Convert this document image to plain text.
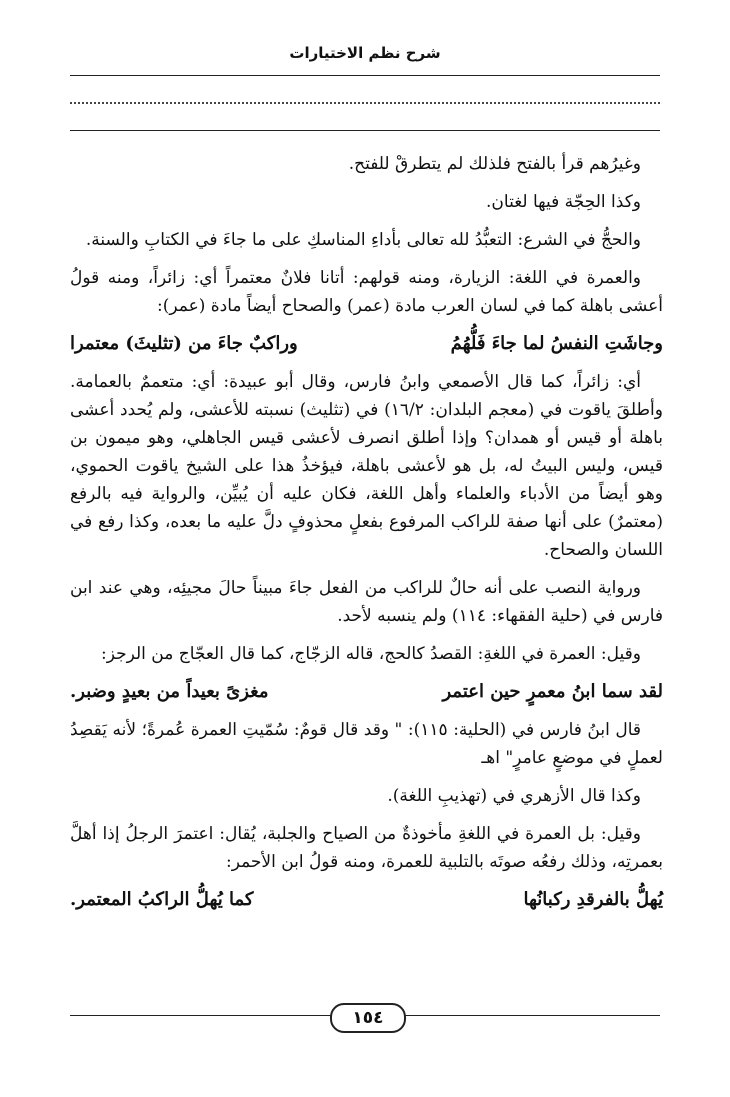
شرح نظم الاختيارات

وغيرُهم قرأ بالفتح فلذلك لم يتطرقْ للفتح.

وكذا الحِجّة فيها لغتان.

والحجُّ في الشرع: التعبُّدُ لله تعالى بأداءِ المناسكِ على ما جاءَ في الكتابِ والسنة.

والعمرة في اللغة: الزيارة، ومنه قولهم: أتانا فلانٌ معتمراً أي: زائراً، ومنه قولُ أعشى باهلة كما في لسان العرب مادة (عمر) والصحاح أيضاً مادة (عمر):

وجاشَتِ النفسُ لما جاءَ فَلُّهُمُ
وراكبٌ جاءَ من (تثليثَ) معتمرا

أي: زائراً، كما قال الأصمعي وابنُ فارس، وقال أبو عبيدة: أي: متعممٌ بالعمامة. وأطلقَ ياقوت في (معجم البلدان: ١٦/٢) في (تثليث) نسبته للأعشى، ولم يُحدد أعشى باهلة أو قيس أو همدان؟ وإذا أطلق انصرف لأعشى قيس الجاهلي، وهو ميمون بن قيس، وليس البيتُ له، بل هو لأعشى باهلة، فيؤخذُ هذا على الشيخ ياقوت الحموي، وهو أيضاً من الأدباء والعلماء وأهل اللغة، فكان عليه أن يُبيِّن، والرواية فيه بالرفع (معتمرٌ) على أنها صفة للراكب المرفوع بفعلٍ محذوفٍ دلَّ عليه ما بعده، وكذا رفع في اللسان والصحاح.

ورواية النصب على أنه حالٌ للراكب من الفعل جاءَ مبيناً حالَ مجيئِه، وهي عند ابن فارس في (حلية الفقهاء: ١١٤) ولم ينسبه لأحد.

وقيل: العمرة في اللغةِ: القصدُ كالحج، قاله الزجّاج، كما قال العجّاج من الرجز:

لقد سما ابنُ معمرٍ حين اعتمر
مغزىً بعيداً من بعيدٍ وضبر.

قال ابنُ فارس في (الحلية: ١١٥): " وقد قال قومٌ: سُمّيتِ العمرة عُمرةً؛ لأنه يَقصِدُ لعملٍ في موضعٍ عامرٍ" اهـ

وكذا قال الأزهري في (تهذيبِ اللغة).

وقيل: بل العمرة في اللغةِ مأخوذةٌ من الصياح والجلبة، يُقال: اعتمرَ الرجلُ إذا أهلَّ بعمرتِه، وذلك رفعُه صوتَه بالتلبية للعمرة، ومنه قولُ ابن الأحمر:

يُهلُّ بالفرقدِ ركبانُها
كما يُهلُّ الراكبُ المعتمر.

١٥٤
